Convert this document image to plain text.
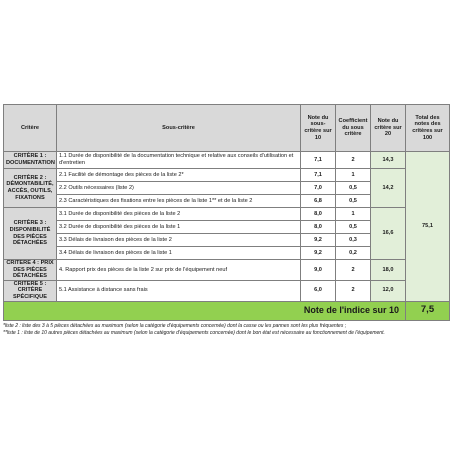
Critère	Sous-critère	Note du sous-critère sur 10	Coefficient du sous critère	Note du critère sur 20	Total des notes des critères sur 100
CRITÈRE 1 : DOCUMENTATION	1.1 Durée de disponibilité de la documentation technique et relative aux conseils d'utilisation et d'entretien	7,1	2	14,3	75,1
CRITÈRE 2 : DÉMONTABILITÉ, ACCÈS, OUTILS, FIXATIONS	2.1 Facilité de démontage des pièces de la liste 2*	7,1	1	14,2	
	2.2 Outils nécessaires (liste 2)	7,0	0,5		
	2.3 Caractéristiques des fixations entre les pièces de la liste 1** et de la liste 2	6,8	0,5		
CRITÈRE 3 : DISPONIBILITÉ DES PIÈCES DÉTACHÉES	3.1 Durée de disponibilité des pièces de la liste 2	8,0	1	16,6	
	3.2 Durée de disponibilité des pièces de la liste 1	8,0	0,5		
	3.3 Délais de livraison des pièces de la liste 2	9,2	0,3		
	3.4 Délais de livraison des pièces de la liste 1	9,2	0,2		
CRITÈRE 4 : PRIX DES PIÈCES DÉTACHÉES	4. Rapport prix des pièces de la liste 2 sur prix de l'équipement neuf	9,0	2	18,0	
CRITÈRE 5 : CRITÈRE SPÉCIFIQUE	5.1 Assistance à distance sans frais	6,0	2	12,0	
Note de l'indice sur 10					7,5
*liste 2 : liste des 3 à 5 pièces détachées au maximum (selon la catégorie d'équipements concernée) dont la casse ou les pannes sont les plus fréquentes ;
**liste 1 : liste de 10 autres pièces détachées au maximum (selon la catégorie d'équipements concernée) dont le bon état est nécessaire au fonctionnement de l'équipement.
